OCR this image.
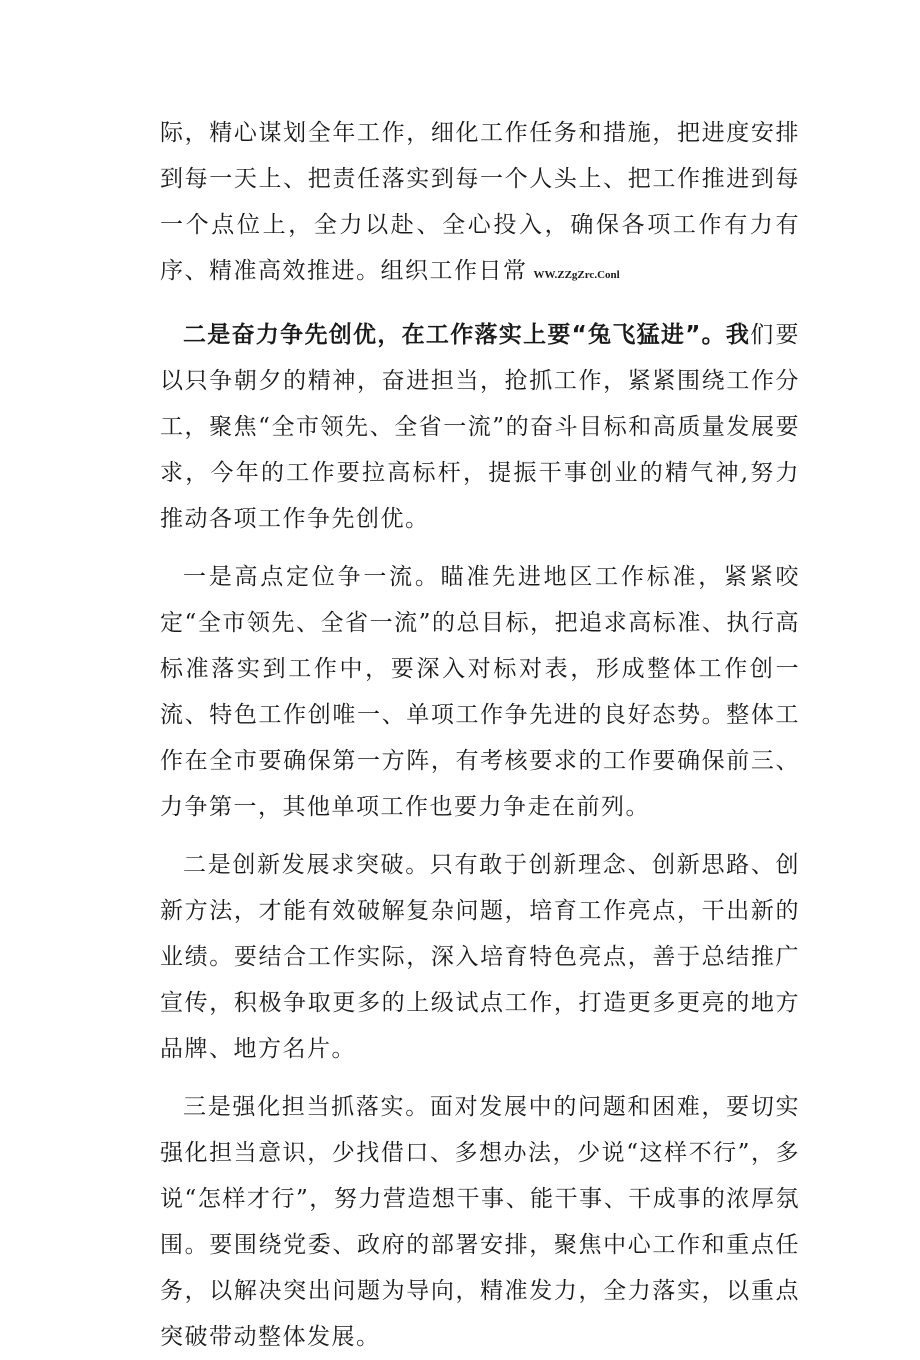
际，精心谋划全年工作，细化工作任务和措施，把进度安排到每一天上、把责任落实到每一个人头上、把工作推进到每一个点位上，全力以赴、全心投入，确保各项工作有力有序、精准高效推进。组织工作日常 WW.ZZgZrc.Conl

二是奋力争先创优，在工作落实上要“兔飞猛进”。我们要以只争朝夕的精神，奋进担当，抢抓工作，紧紧围绕工作分工，聚焦“全市领先、全省一流”的奋斗目标和高质量发展要求，今年的工作要拉高标杆，提振干事创业的精气神,努力推动各项工作争先创优。

一是高点定位争一流。瞄准先进地区工作标准，紧紧咬定“全市领先、全省一流”的总目标，把追求高标准、执行高标准落实到工作中，要深入对标对表，形成整体工作创一流、特色工作创唯一、单项工作争先进的良好态势。整体工作在全市要确保第一方阵，有考核要求的工作要确保前三、力争第一，其他单项工作也要力争走在前列。

二是创新发展求突破。只有敢于创新理念、创新思路、创新方法，才能有效破解复杂问题，培育工作亮点，干出新的业绩。要结合工作实际，深入培育特色亮点，善于总结推广宣传，积极争取更多的上级试点工作，打造更多更亮的地方品牌、地方名片。

三是强化担当抓落实。面对发展中的问题和困难，要切实强化担当意识，少找借口、多想办法，少说“这样不行”，多说“怎样才行”，努力营造想干事、能干事、干成事的浓厚氛围。要围绕党委、政府的部署安排，聚焦中心工作和重点任务，以解决突出问题为导向，精准发力，全力落实，以重点突破带动整体发展。
